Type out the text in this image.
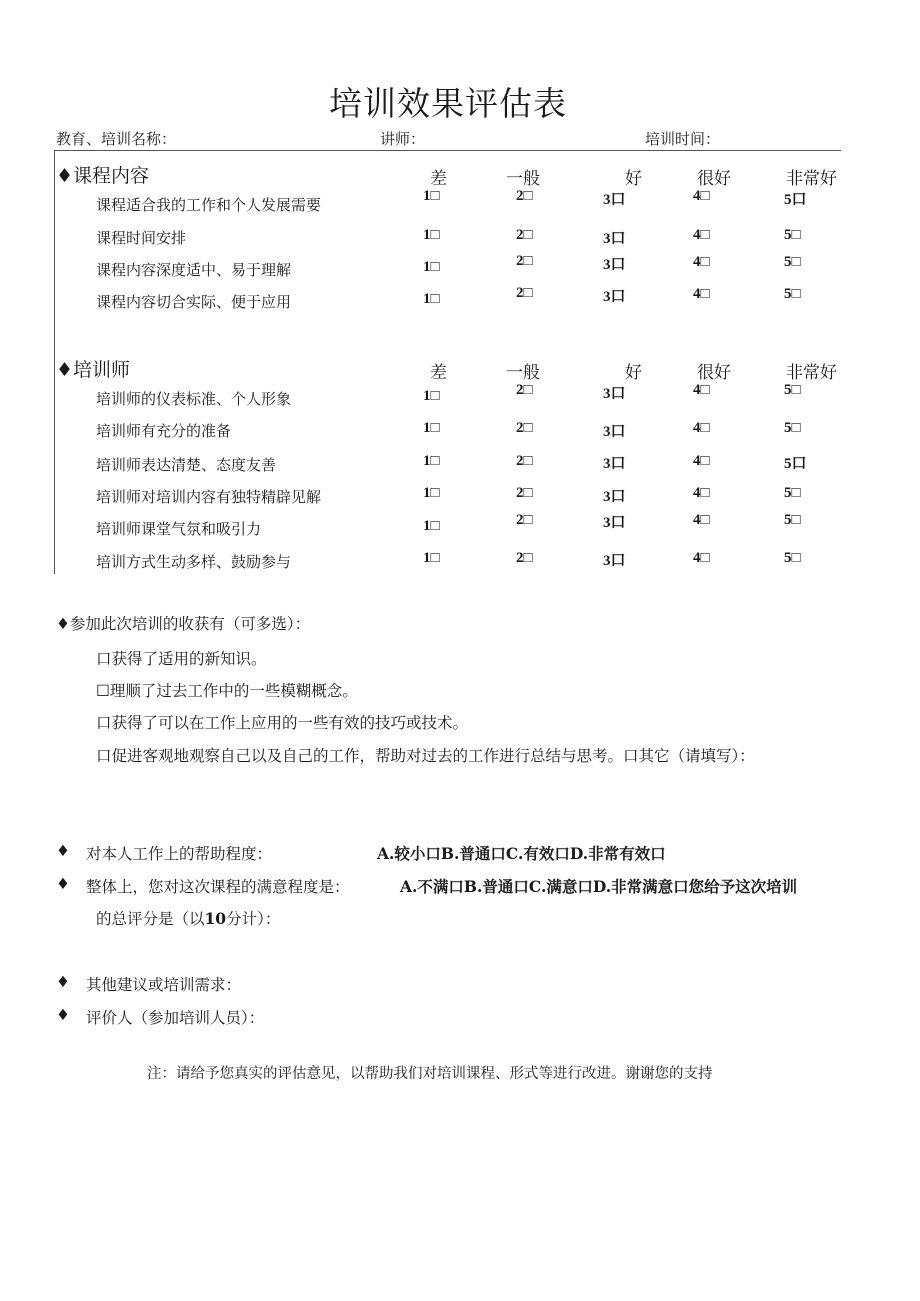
培训效果评估表
教育、培训名称：	讲师：	培训时间：
♦课程内容	差	一般	好	很好	非常好
课程适合我的工作和个人发展需要	1□	2□	3口	4□	5口
课程时间安排	1□	2□	3口	4□	5□
课程内容深度适中、易于理解	1□	2□	3口	4□	5□
课程内容切合实际、便于应用	1□	2□	3口	4□	5□
♦培训师	差	一般	好	很好	非常好
培训师的仪表标准、个人形象	1□	2□	3口	4□	5□
培训师有充分的准备	1□	2□	3口	4□	5□
培训师表达清楚、态度友善	1□	2□	3口	4□	5口
培训师对培训内容有独特精辟见解	1□	2□	3口	4□	5□
培训师课堂气氛和吸引力	1□	2□	3口	4□	5□
培训方式生动多样、鼓励参与	1□	2□	3口	4□	5□
♦参加此次培训的收获有（可多选）：
口获得了适用的新知识。
☐理顺了过去工作中的一些模糊概念。
口获得了可以在工作上应用的一些有效的技巧或技术。
口促进客观地观察自己以及自己的工作，帮助对过去的工作进行总结与思考。口其它（请填写）：
♦ 对本人工作上的帮助程度：	A.较小口B.普通口C.有效口D.非常有效口
♦ 整体上，您对这次课程的满意程度是：	A.不满口B.普通口C.满意口D.非常满意口您给予这次培训
的总评分是（以10分计）：
♦ 其他建议或培训需求：
♦ 评价人（参加培训人员）：
注：请给予您真实的评估意见，以帮助我们对培训课程、形式等进行改进。谢谢您的支持
